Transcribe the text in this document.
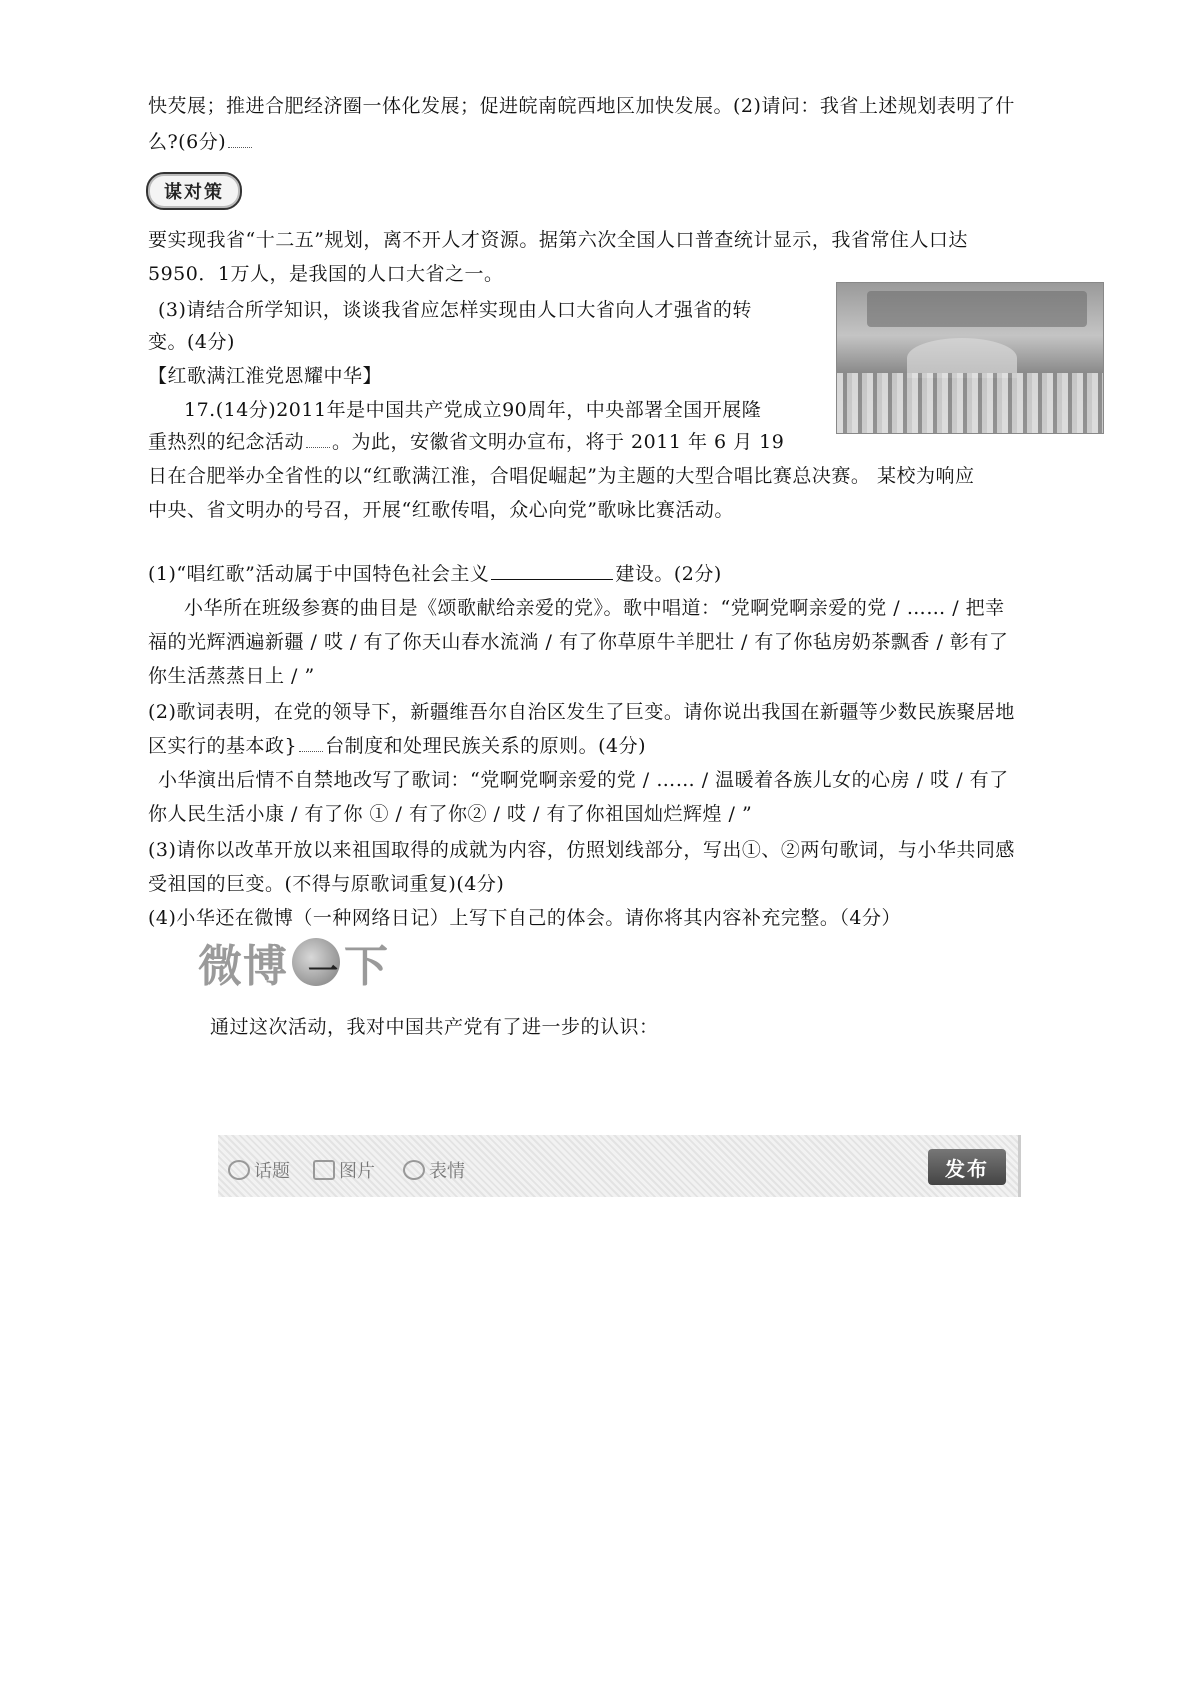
快芡展；推进合肥经济圈一体化发展；促进皖南皖西地区加快发展。(2)请问：我省上述规划表明了什
么?(6分)
谋对策
要实现我省“十二五”规划，离不开人才资源。据第六次全国人口普查统计显示，我省常住人口达
5950．1万人，是我国的人口大省之一。
(3)请结合所学知识，谈谈我省应怎样实现由人口大省向人才强省的转
变。(4分)
【红歌满江淮党恩耀中华】
17.(14分)2011年是中国共产党成立90周年，中央部署全国开展隆
重热烈的纪念活动 。为此，安徽省文明办宣布，将于 2011 年 6 月 19
日在合肥举办全省性的以“红歌满江淮，合唱促崛起”为主题的大型合唱比赛总决赛。 某校为响应
中央、省文明办的号召，开展“红歌传唱，众心向党”歌咏比赛活动。
(1)“唱红歌”活动属于中国特色社会主义	建设。(2分)
小华所在班级参赛的曲目是《颂歌献给亲爱的党》。歌中唱道：“党啊党啊亲爱的党 / …… / 把幸
福的光辉洒遍新疆 / 哎 / 有了你天山春水流淌 / 有了你草原牛羊肥壮 / 有了你毡房奶茶飘香 / 彰有了
你生活蒸蒸日上 / ”
(2)歌词表明，在党的领导下，新疆维吾尔自治区发生了巨变。请你说出我国在新疆等少数民族聚居地
区实行的基本政} 台制度和处理民族关系的原则。(4分)
小华演出后情不自禁地改写了歌词：“党啊党啊亲爱的党 / …… / 温暖着各族儿女的心房 / 哎 / 有了
你人民生活小康 / 有了你 ① / 有了你② / 哎 / 有了你祖国灿烂辉煌 / ”
(3)请你以改革开放以来祖国取得的成就为内容，仿照划线部分，写出①、②两句歌词，与小华共同感
受祖国的巨变。(不得与原歌词重复)(4分)
(4)小华还在微博（一种网络日记）上写下自己的体会。请你将其内容补充完整。（4分）
微博 一 下
通过这次活动，我对中国共产党有了进一步的认识：
话题	图片	表情	发布
